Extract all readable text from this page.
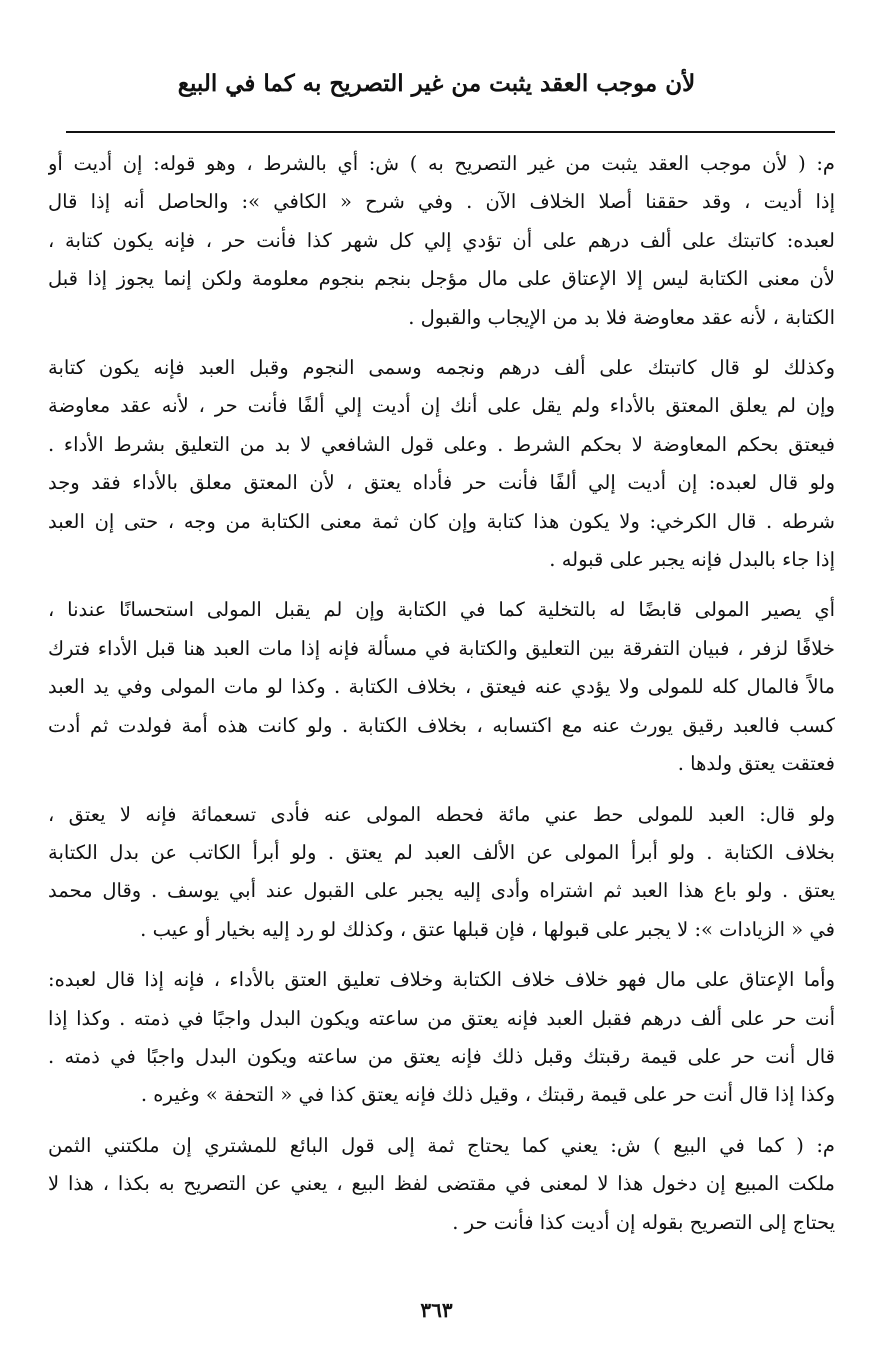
لأن موجب العقد يثبت من غير التصريح به كما في البيع

م: ( لأن موجب العقد يثبت من غير التصريح به ) ش: أي بالشرط ، وهو قوله: إن أديت أو
إذا أديت ، وقد حققنا أصلا الخلاف الآن . وفي شرح « الكافي »: والحاصل أنه إذا قال
لعبده: كاتبتك على ألف درهم على أن تؤدي إلي كل شهر كذا فأنت حر ، فإنه يكون كتابة ،
لأن معنى الكتابة ليس إلا الإعتاق على مال مؤجل بنجم بنجوم معلومة ولكن إنما يجوز إذا قبل
الكتابة ، لأنه عقد معاوضة فلا بد من الإيجاب والقبول .

وكذلك لو قال كاتبتك على ألف درهم ونجمه وسمى النجوم وقبل العبد فإنه يكون كتابة
وإن لم يعلق المعتق بالأداء ولم يقل على أنك إن أديت إلي ألفًا فأنت حر ، لأنه عقد معاوضة
فيعتق بحكم المعاوضة لا بحكم الشرط . وعلى قول الشافعي لا بد من التعليق بشرط الأداء .
ولو قال لعبده: إن أديت إلي ألفًا فأنت حر فأداه يعتق ، لأن المعتق معلق بالأداء فقد وجد
شرطه . قال الكرخي: ولا يكون هذا كتابة وإن كان ثمة معنى الكتابة من وجه ، حتى إن العبد
إذا جاء بالبدل فإنه يجبر على قبوله .

أي يصير المولى قابضًا له بالتخلية كما في الكتابة وإن لم يقبل المولى استحسانًا عندنا ،
خلافًا لزفر ، فبيان التفرقة بين التعليق والكتابة في مسألة فإنه إذا مات العبد هنا قبل الأداء فترك
مالاً فالمال كله للمولى ولا يؤدي عنه فيعتق ، بخلاف الكتابة . وكذا لو مات المولى وفي يد العبد
كسب فالعبد رقيق يورث عنه مع اكتسابه ، بخلاف الكتابة . ولو كانت هذه أمة فولدت ثم أدت
فعتقت يعتق ولدها .

ولو قال: العبد للمولى حط عني مائة فحطه المولى عنه فأدى تسعمائة فإنه لا يعتق ،
بخلاف الكتابة . ولو أبرأ المولى عن الألف العبد لم يعتق . ولو أبرأ الكاتب عن بدل الكتابة
يعتق . ولو باع هذا العبد ثم اشتراه وأدى إليه يجبر على القبول عند أبي يوسف . وقال محمد
في « الزيادات »: لا يجبر على قبولها ، فإن قبلها عتق ، وكذلك لو رد إليه بخيار أو عيب .

وأما الإعتاق على مال فهو خلاف خلاف الكتابة وخلاف تعليق العتق بالأداء ، فإنه إذا قال لعبده:
أنت حر على ألف درهم فقبل العبد فإنه يعتق من ساعته ويكون البدل واجبًا في ذمته . وكذا إذا
قال أنت حر على قيمة رقبتك وقبل ذلك فإنه يعتق من ساعته ويكون البدل واجبًا في ذمته .
وكذا إذا قال أنت حر على قيمة رقبتك ، وقيل ذلك فإنه يعتق كذا في « التحفة » وغيره .

م: ( كما في البيع ) ش: يعني كما يحتاج ثمة إلى قول البائع للمشتري إن ملكتني الثمن
ملكت المبيع إن دخول هذا لا لمعنى في مقتضى لفظ البيع ، يعني عن التصريح به بكذا ، هذا لا
يحتاج إلى التصريح بقوله إن أديت كذا فأنت حر .

٣٦٣
